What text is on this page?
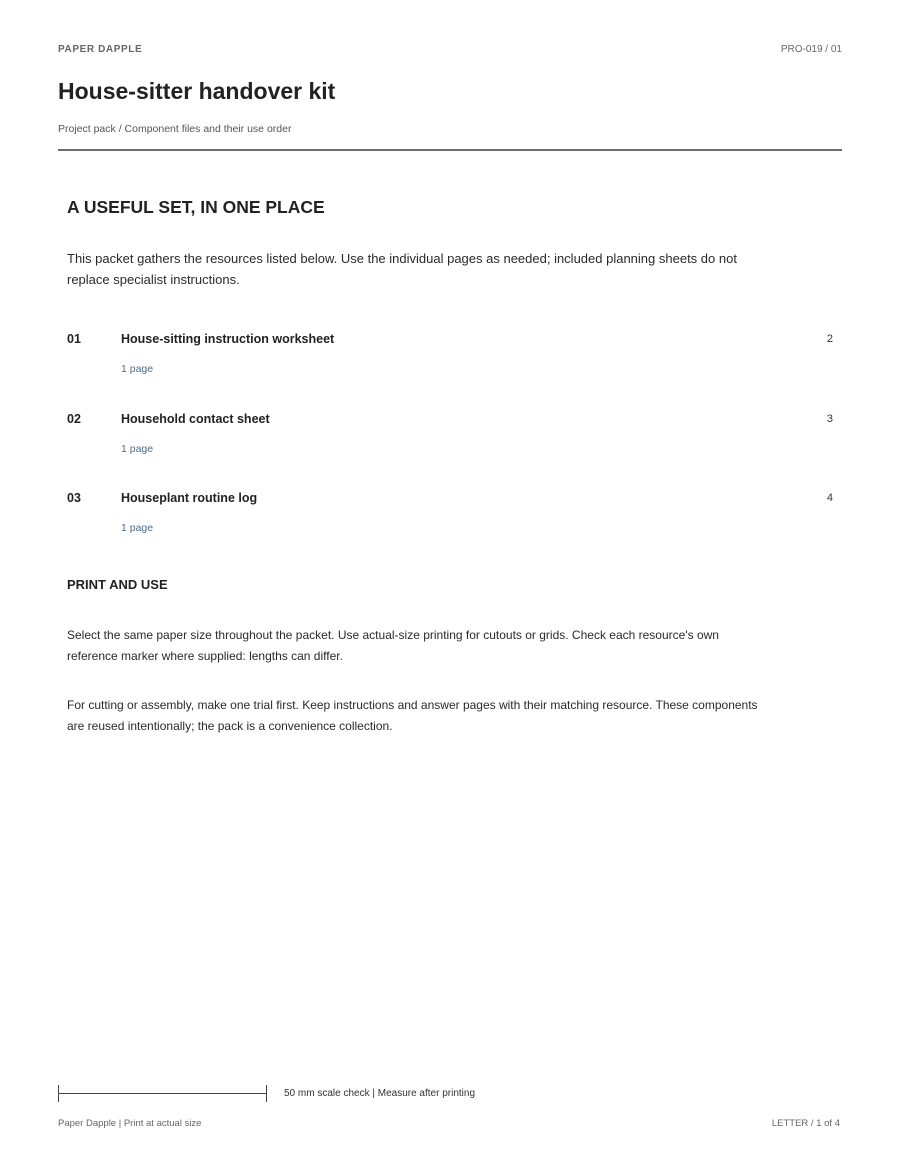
PAPER DAPPLE	PRO-019 / 01
House-sitter handover kit
Project pack / Component files and their use order
A USEFUL SET, IN ONE PLACE

This packet gathers the resources listed below. Use the individual pages as needed; included planning sheets do not replace specialist instructions.

01	House-sitting instruction worksheet	2
1 page
02	Household contact sheet	3
1 page
03	Houseplant routine log	4
1 page
PRINT AND USE

Select the same paper size throughout the packet. Use actual-size printing for cutouts or grids. Check each resource's own reference marker where supplied: lengths can differ.

For cutting or assembly, make one trial first. Keep instructions and answer pages with their matching resource. These components are reused intentionally; the pack is a convenience collection.

50 mm scale check | Measure after printing
Paper Dapple | Print at actual size	LETTER / 1 of 4
